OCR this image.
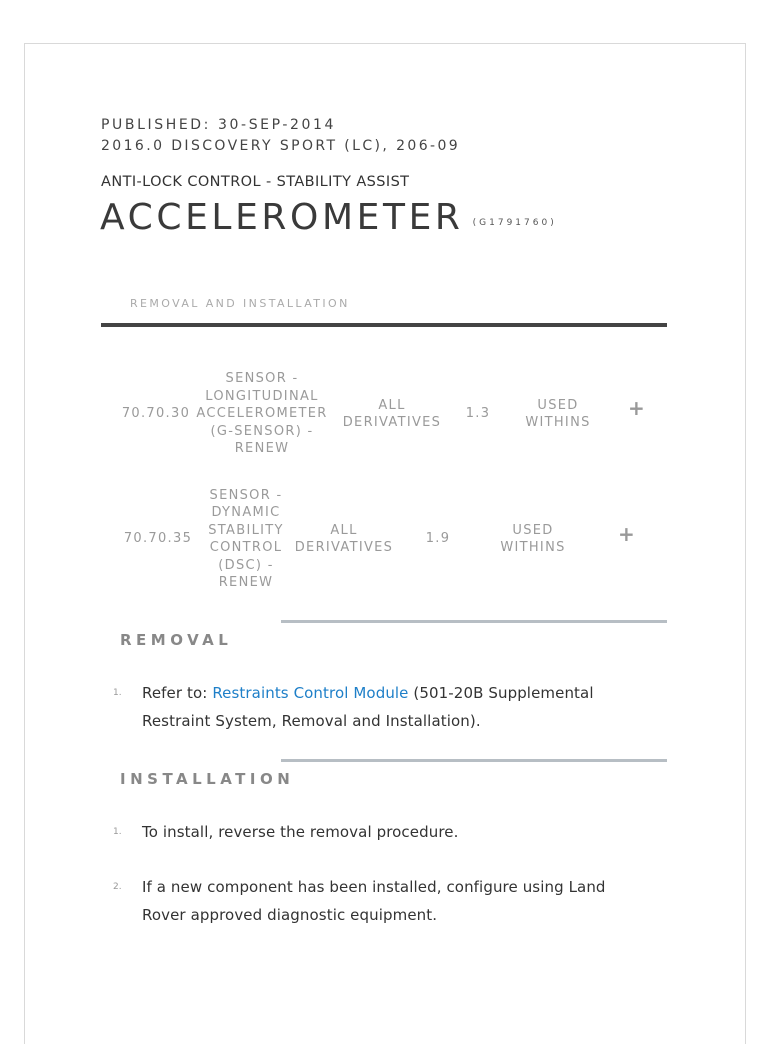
PUBLISHED: 30-SEP-2014
2016.0 DISCOVERY SPORT (LC), 206-09
ANTI-LOCK CONTROL - STABILITY ASSIST
ACCELEROMETER $^{(G1791760)}$
REMOVAL AND INSTALLATION
70.70.30
SENSOR -
LONGITUDINAL
ACCELEROMETER
(G-SENSOR) -
RENEW
ALL
DERIVATIVES
1.3
USED
WITHINS
+
70.70.35
SENSOR -
DYNAMIC
STABILITY
CONTROL
(DSC) -
RENEW
ALL
DERIVATIVES
1.9
USED
WITHINS
+
REMOVAL
1. Refer to: Restraints Control Module (501-20B Supplemental Restraint System, Removal and Installation).
INSTALLATION
1. To install, reverse the removal procedure.
2. If a new component has been installed, configure using Land Rover approved diagnostic equipment.
